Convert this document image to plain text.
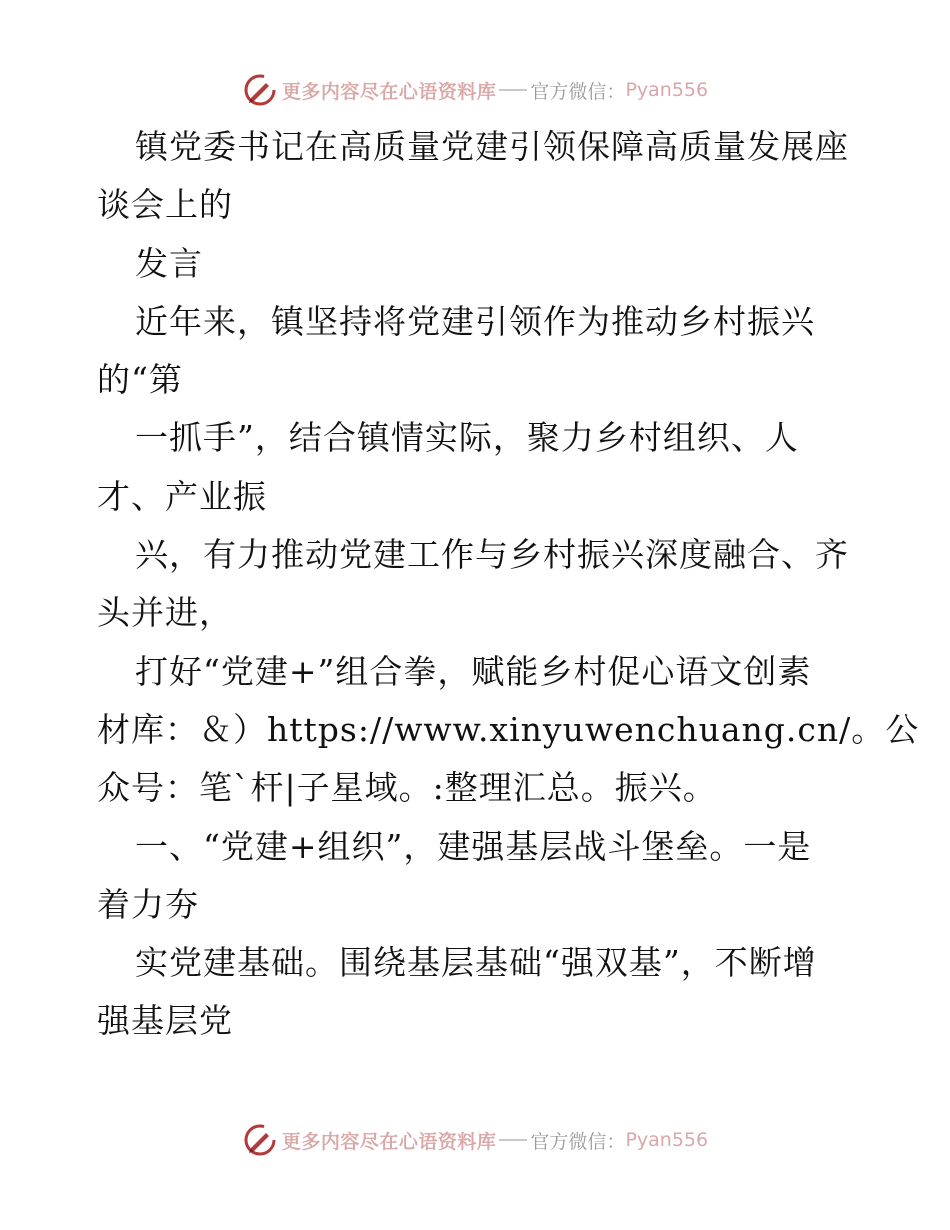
更多内容尽在心语资料库 官方微信： Pyan556
镇党委书记在高质量党建引领保障高质量发展座
谈会上的
发言
近年来，镇坚持将党建引领作为推动乡村振兴
的“第
一抓手”，结合镇情实际，聚力乡村组织、人
才、产业振
兴，有力推动党建工作与乡村振兴深度融合、齐
头并进，
打好“党建+”组合拳，赋能乡村促心语文创素
材库：＆）https://www.xinyuwenchuang.cn/。公
众号：笔`杆|子星域。:整理汇总。振兴。
一、“党建+组织”，建强基层战斗堡垒。一是
着力夯
实党建基础。围绕基层基础“强双基”，不断增
强基层党
更多内容尽在心语资料库 官方微信： Pyan556
